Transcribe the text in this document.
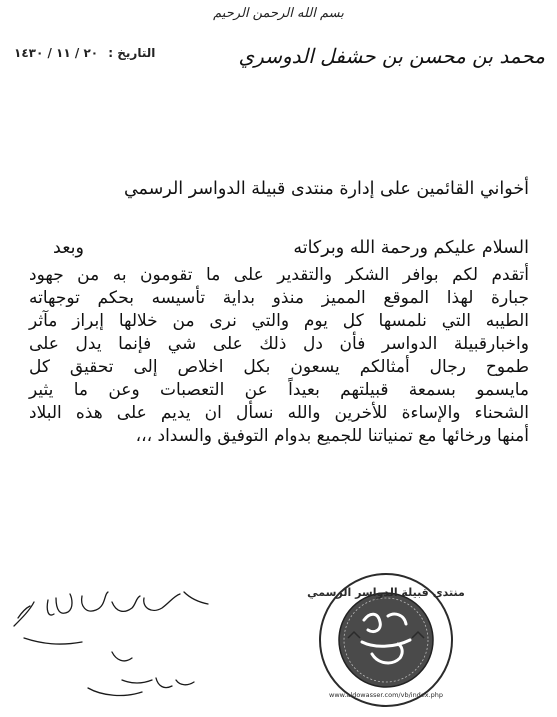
بسم الله الرحمن الرحيم
التاريخ : ٢٠ / ١١ / ١٤٣٠	محمد بن محسن بن حشفل الدوسري
أخواني القائمين على إدارة منتدى قبيلة الدواسر الرسمي
السلام عليكم ورحمة الله وبركاته
وبعد
أتقدم لكم بوافر الشكر والتقدير على ما تقومون به من جهود
جبارة لهذا الموقع المميز منذو بداية تأسيسه بحكم توجهاته
الطيبه التي نلمسها كل يوم والتي نرى من خلالها إبراز مآثر
واخبارقبيلة الدواسر فأن دل ذلك على شي فإنما يدل على
طموح رجال أمثالكم يسعون بكل اخلاص إلى تحقيق كل
مايسمو بسمعة قبيلتهم بعيداً عن التعصبات وعن ما يثير
الشحناء والإساءة للأخرين والله نسأل ان يديم على هذه البلاد
أمنها ورخائها مع تمنياتنا للجميع بدوام التوفيق والسداد ،،،
منتدى قبيلة الدواسر الرسمي
www.aldowasser.com/vb/index.php
